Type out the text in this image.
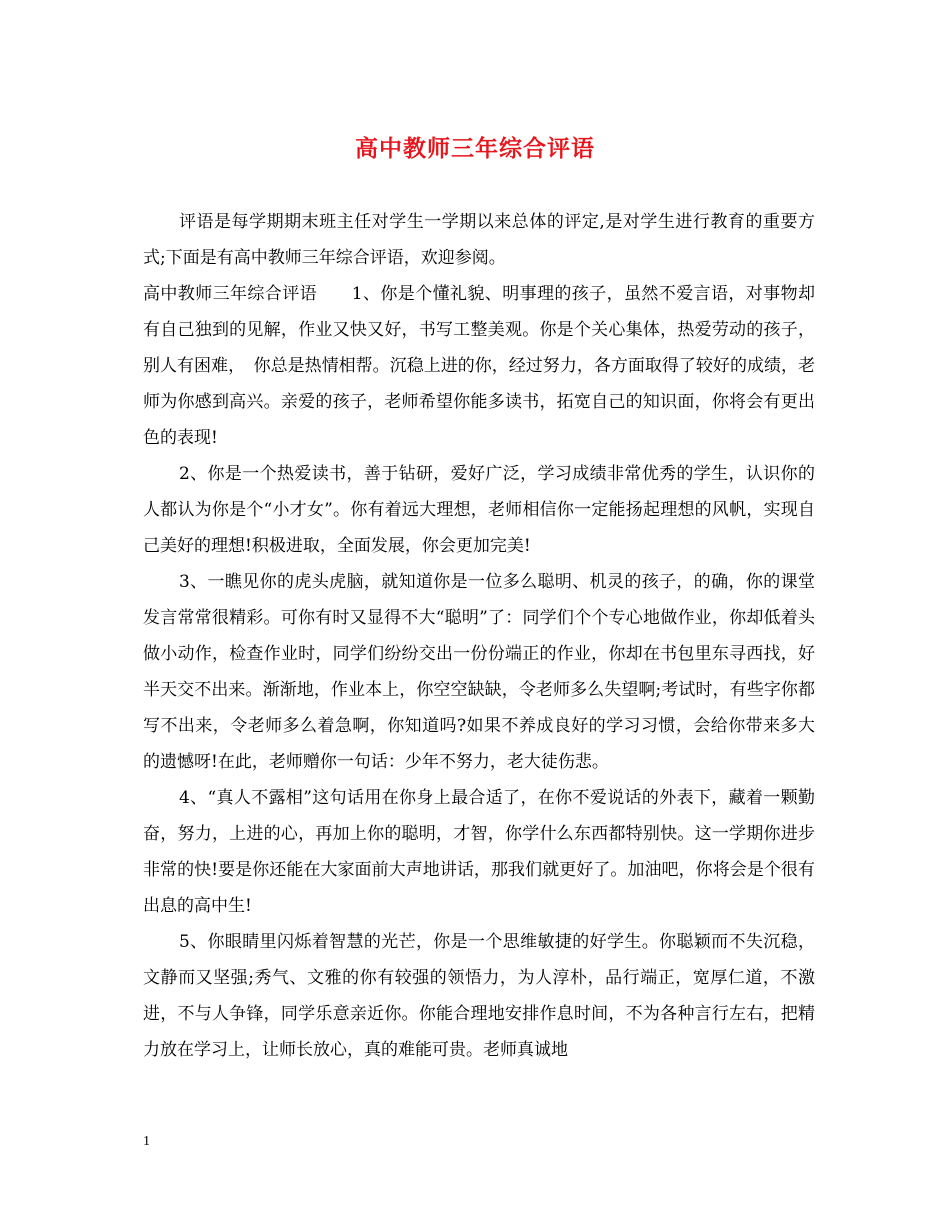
高中教师三年综合评语

评语是每学期期末班主任对学生一学期以来总体的评定,是对学生进行教育的重要方式;下面是有高中教师三年综合评语，欢迎参阅。

高中教师三年综合评语　　1、你是个懂礼貌、明事理的孩子，虽然不爱言语，对事物却有自己独到的见解，作业又快又好，书写工整美观。你是个关心集体，热爱劳动的孩子，别人有困难，　你总是热情相帮。沉稳上进的你，经过努力，各方面取得了较好的成绩，老师为你感到高兴。亲爱的孩子，老师希望你能多读书，拓宽自己的知识面，你将会有更出色的表现!

2、你是一个热爱读书，善于钻研，爱好广泛，学习成绩非常优秀的学生，认识你的人都认为你是个“小才女”。你有着远大理想，老师相信你一定能扬起理想的风帆，实现自己美好的理想!积极进取，全面发展，你会更加完美!

3、一瞧见你的虎头虎脑，就知道你是一位多么聪明、机灵的孩子，的确，你的课堂发言常常很精彩。可你有时又显得不大“聪明”了：同学们个个专心地做作业，你却低着头做小动作，检查作业时，同学们纷纷交出一份份端正的作业，你却在书包里东寻西找，好半天交不出来。渐渐地，作业本上，你空空缺缺，令老师多么失望啊;考试时，有些字你都写不出来，令老师多么着急啊，你知道吗?如果不养成良好的学习习惯，会给你带来多大的遗憾呀!在此，老师赠你一句话：少年不努力，老大徒伤悲。

4、“真人不露相”这句话用在你身上最合适了，在你不爱说话的外表下，藏着一颗勤奋，努力，上进的心，再加上你的聪明，才智，你学什么东西都特别快。这一学期你进步非常的快!要是你还能在大家面前大声地讲话，那我们就更好了。加油吧，你将会是个很有出息的高中生!

5、你眼睛里闪烁着智慧的光芒，你是一个思维敏捷的好学生。你聪颖而不失沉稳，文静而又坚强;秀气、文雅的你有较强的领悟力，为人淳朴，品行端正，宽厚仁道，不激进，不与人争锋，同学乐意亲近你。你能合理地安排作息时间，不为各种言行左右，把精力放在学习上，让师长放心，真的难能可贵。老师真诚地

1
